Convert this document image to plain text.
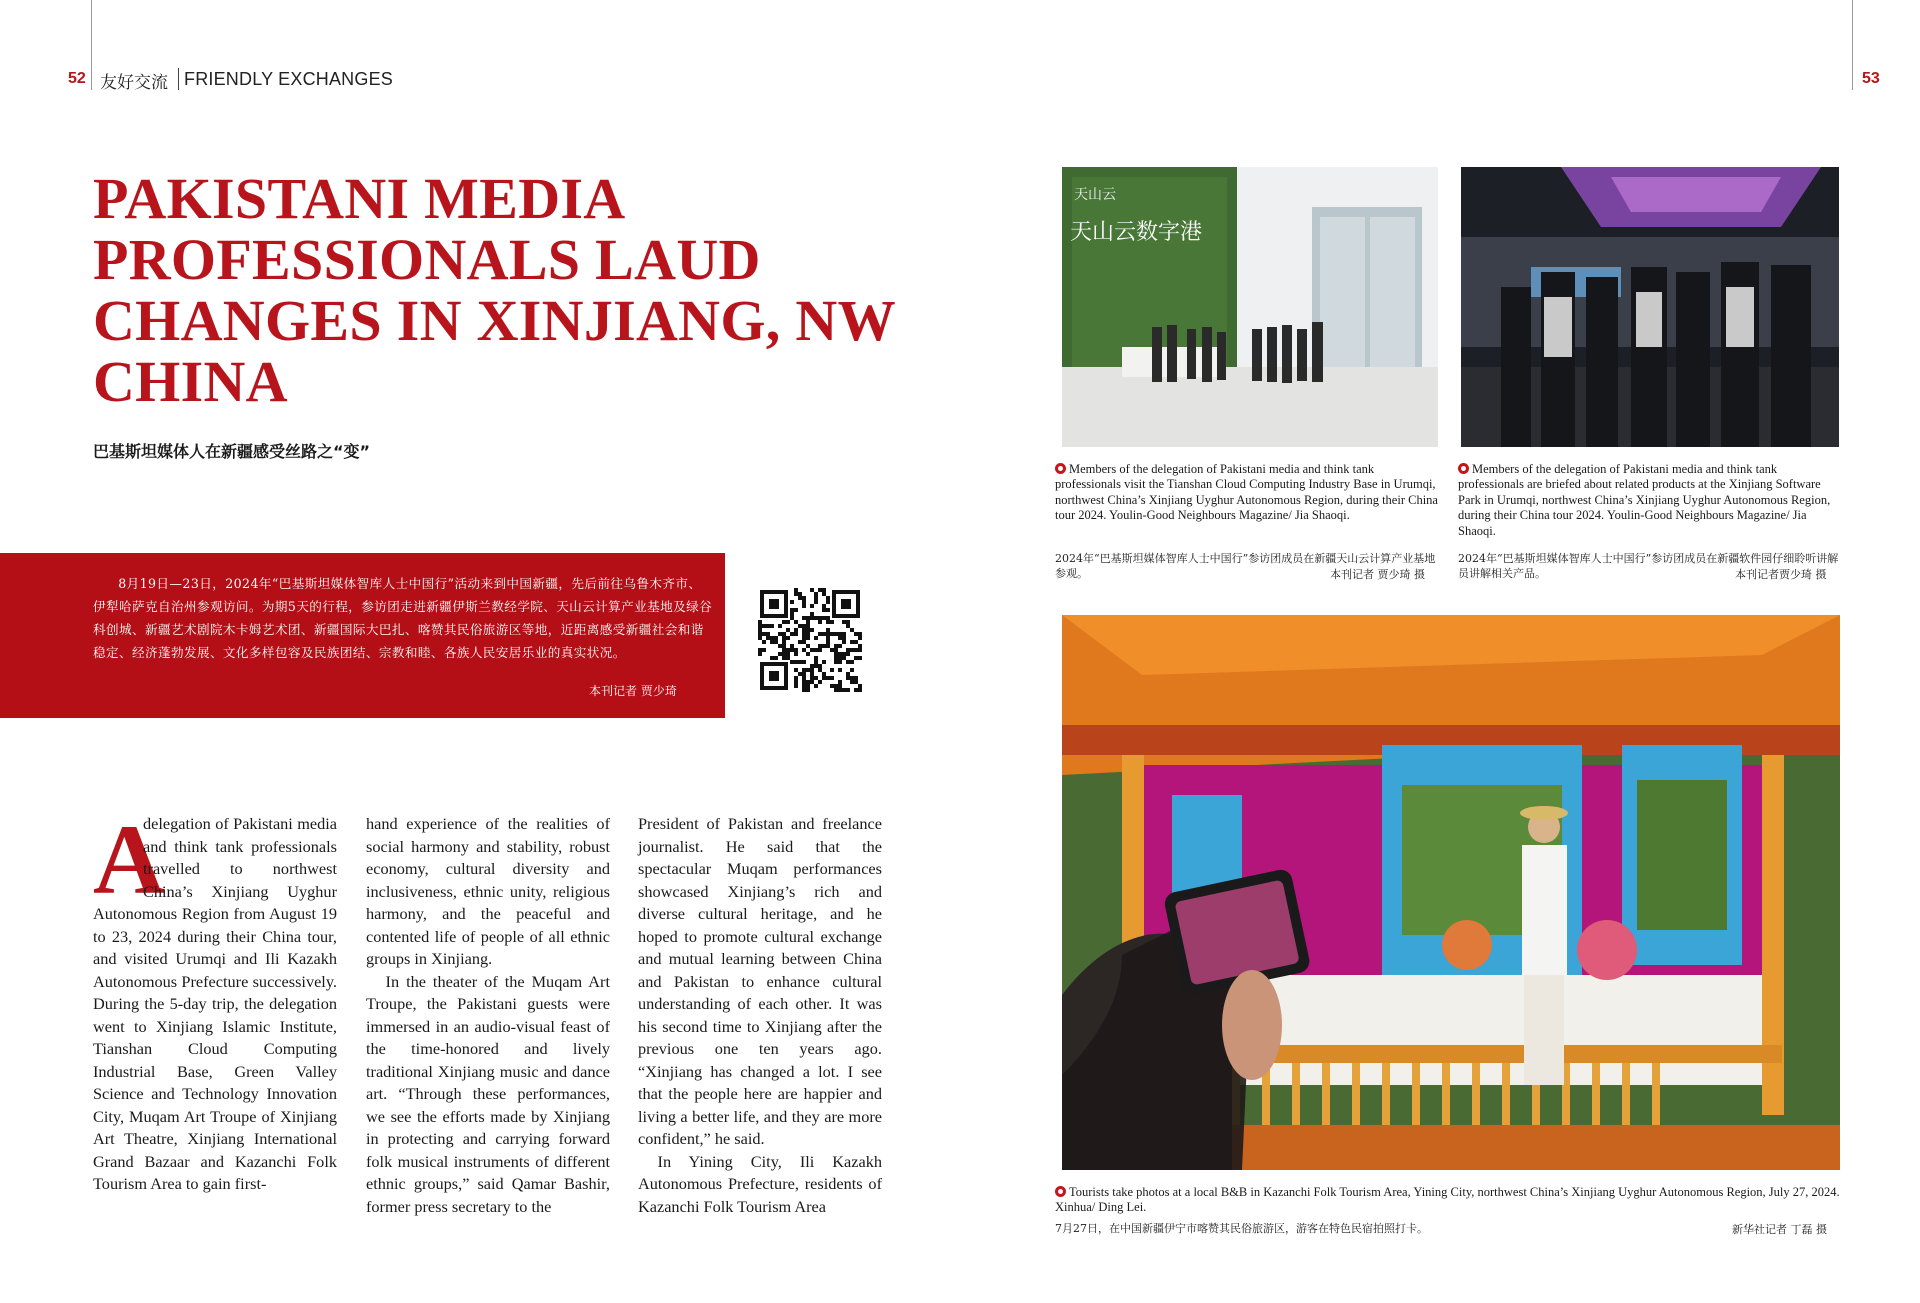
52 友好交流 FRIENDLY EXCHANGES	53
PAKISTANI MEDIA PROFESSIONALS LAUD CHANGES IN XINJIANG, NW CHINA
巴基斯坦媒体人在新疆感受丝路之“变”

8月19日—23日，2024年“巴基斯坦媒体智库人士中国行”活动来到中国新疆，先后前往乌鲁木齐市、伊犁哈萨克自治州参观访问。为期5天的行程，参访团走进新疆伊斯兰教经学院、天山云计算产业基地及绿谷科创城、新疆艺术剧院木卡姆艺术团、新疆国际大巴扎、喀赞其民俗旅游区等地，近距离感受新疆社会和谐稳定、经济蓬勃发展、文化多样包容及民族团结、宗教和睦、各族人民安居乐业的真实状况。

本刊记者 贾少琦
A

delegation of Pakistani media and think tank professionals travelled to northwest China’s Xinjiang Uyghur Autonomous Region from August 19 to 23, 2024 during their China tour, and visited Urumqi and Ili Kazakh Autonomous Prefecture successively. During the 5-day trip, the delegation went to Xinjiang Islamic Institute, Tianshan Cloud Computing Industrial Base, Green Valley Science and Technology Innovation City, Muqam Art Troupe of Xinjiang Art Theatre, Xinjiang International Grand Bazaar and Kazanchi Folk Tourism Area to gain first-

hand experience of the realities of social harmony and stability, robust economy, cultural diversity and inclusiveness, ethnic unity, religious harmony, and the peaceful and contented life of people of all ethnic groups in Xinjiang.

In the theater of the Muqam Art Troupe, the Pakistani guests were immersed in an audio-visual feast of the time-honored and lively traditional Xinjiang music and dance art. “Through these performances, we see the efforts made by Xinjiang in protecting and carrying forward folk musical instruments of different ethnic groups,” said Qamar Bashir, former press secretary to the

President of Pakistan and freelance journalist. He said that the spectacular Muqam performances showcased Xinjiang’s rich and diverse cultural heritage, and he hoped to promote cultural exchange and mutual learning between China and Pakistan to enhance cultural understanding of each other. It was his second time to Xinjiang after the previous one ten years ago. “Xinjiang has changed a lot. I see that the people here are happier and living a better life, and they are more confident,” he said.

In Yining City, Ili Kazakh Autonomous Prefecture, residents of Kazanchi Folk Tourism Area

天山云
天山云数字港

Members of the delegation of Pakistani media and think tank professionals visit the Tianshan Cloud Computing Industry Base in Urumqi, northwest China’s Xinjiang Uyghur Autonomous Region, during their China tour 2024. Youlin-Good Neighbours Magazine/ Jia Shaoqi.

2024年“巴基斯坦媒体智库人士中国行”参访团成员在新疆天山云计算产业基地参观。	本刊记者 贾少琦 摄

Members of the delegation of Pakistani media and think tank professionals are briefed about related products at the Xinjiang Software Park in Urumqi, northwest China’s Xinjiang Uyghur Autonomous Region, during their China tour 2024. Youlin-Good Neighbours Magazine/ Jia Shaoqi.

2024年“巴基斯坦媒体智库人士中国行”参访团成员在新疆软件园仔细聆听讲解员讲解相关产品。	本刊记者贾少琦 摄

Tourists take photos at a local B&B in Kazanchi Folk Tourism Area, Yining City, northwest China’s Xinjiang Uyghur Autonomous Region, July 27, 2024. Xinhua/ Ding Lei.

7月27日，在中国新疆伊宁市喀赞其民俗旅游区，游客在特色民宿拍照打卡。	新华社记者 丁磊 摄
